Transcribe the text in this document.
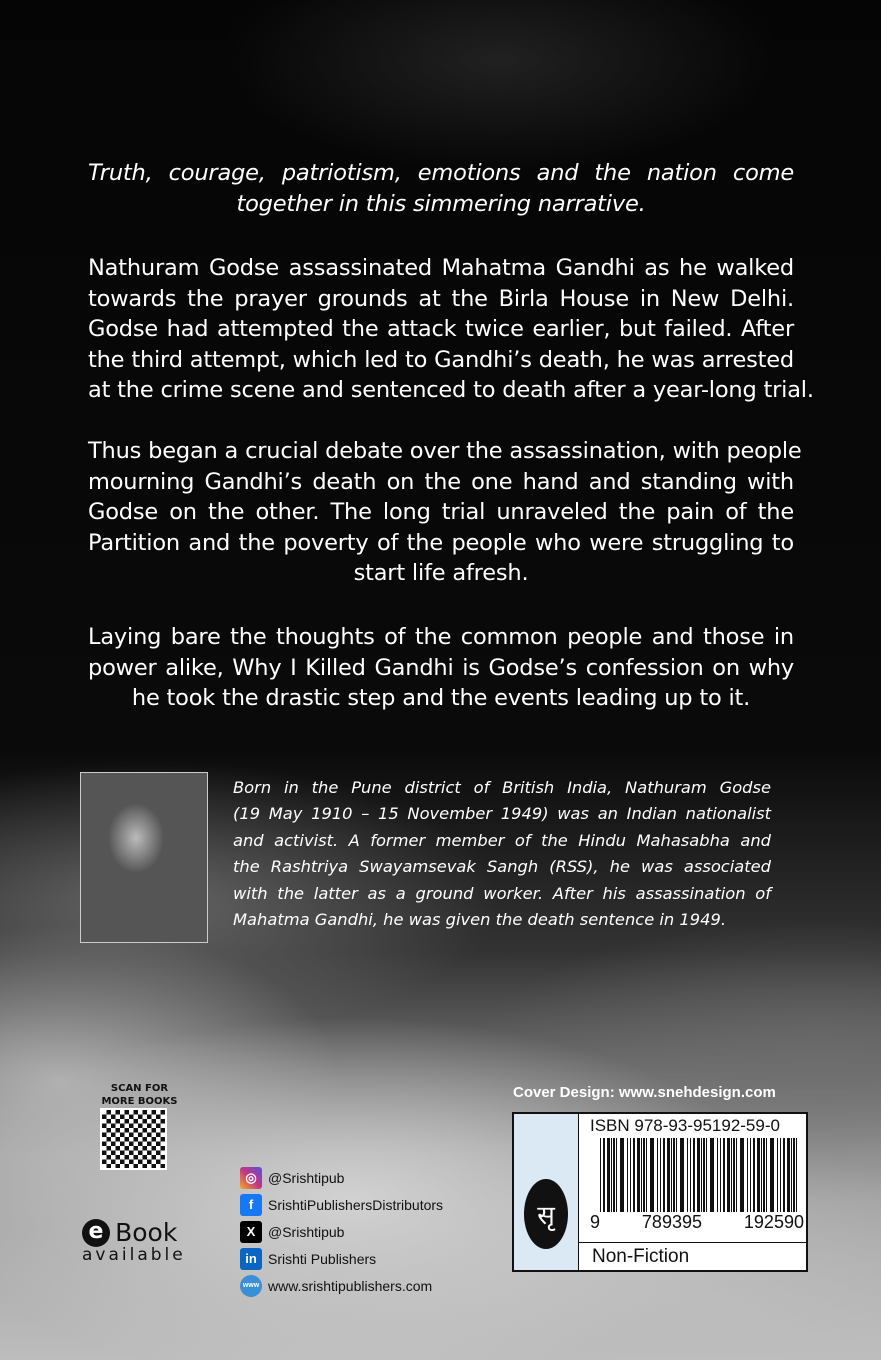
Truth, courage, patriotism, emotions and the nation come
together in this simmering narrative.
Nathuram Godse assassinated Mahatma Gandhi as he walked
towards the prayer grounds at the Birla House in New Delhi.
Godse had attempted the attack twice earlier, but failed. After
the third attempt, which led to Gandhi’s death, he was arrested
at the crime scene and sentenced to death after a year-long trial.
Thus began a crucial debate over the assassination, with people
mourning Gandhi’s death on the one hand and standing with
Godse on the other. The long trial unraveled the pain of the
Partition and the poverty of the people who were struggling to
start life afresh.
Laying bare the thoughts of the common people and those in
power alike, Why I Killed Gandhi is Godse’s confession on why
he took the drastic step and the events leading up to it.
Born in the Pune district of British India, Nathuram Godse
(19 May 1910 – 15 November 1949) was an Indian nationalist
and activist. A former member of the Hindu Mahasabha and
the Rashtriya Swayamsevak Sangh (RSS), he was associated
with the latter as a ground worker. After his assassination of
Mahatma Gandhi, he was given the death sentence in 1949.
SCAN FOR
MORE BOOKS
e Book
available
◎ @Srishtipub
f	SrishtiPublishersDistributors
X @Srishtipub
in Srishti Publishers
www www.srishtipublishers.com
Cover Design: www.snehdesign.com
सृ
ISBN 978-93-95192-59-0
9 789395 192590
Non-Fiction
